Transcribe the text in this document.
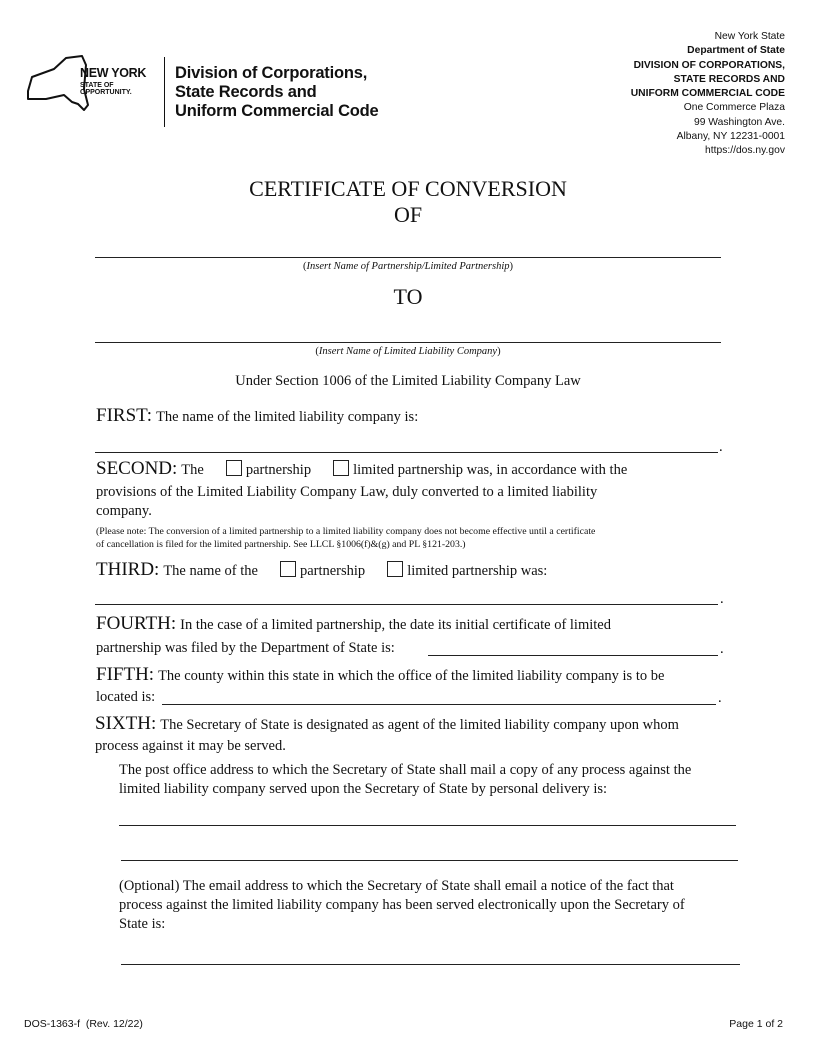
NEW YORK
STATE OF
OPPORTUNITY.
Division of Corporations,
State Records and
Uniform Commercial Code
New York State
Department of State
DIVISION OF CORPORATIONS,
STATE RECORDS AND
UNIFORM COMMERCIAL CODE
One Commerce Plaza
99 Washington Ave.
Albany, NY 12231-0001
https://dos.ny.gov
CERTIFICATE OF CONVERSION
OF
(Insert Name of Partnership/Limited Partnership)
TO
(Insert Name of Limited Liability Company)
Under Section 1006 of the Limited Liability Company Law
FIRST: The name of the limited liability company is:
.
SECOND: The	partnership	limited partnership was, in accordance with the
provisions of the Limited Liability Company Law, duly converted to a limited liability
company.
(Please note: The conversion of a limited partnership to a limited liability company does not become effective until a certificate
of cancellation is filed for the limited partnership. See LLCL §1006(f)&(g) and PL §121-203.)
THIRD: The name of the	partnership	limited partnership was:
.
FOURTH: In the case of a limited partnership, the date its initial certificate of limited
partnership was filed by the Department of State is:	.
FIFTH: The county within this state in which the office of the limited liability company is to be
located is:	.
SIXTH: The Secretary of State is designated as agent of the limited liability company upon whom
process against it may be served.
The post office address to which the Secretary of State shall mail a copy of any process against the
limited liability company served upon the Secretary of State by personal delivery is:
(Optional) The email address to which the Secretary of State shall email a notice of the fact that
process against the limited liability company has been served electronically upon the Secretary of
State is:
DOS-1363-f  (Rev. 12/22)	Page 1 of 2
